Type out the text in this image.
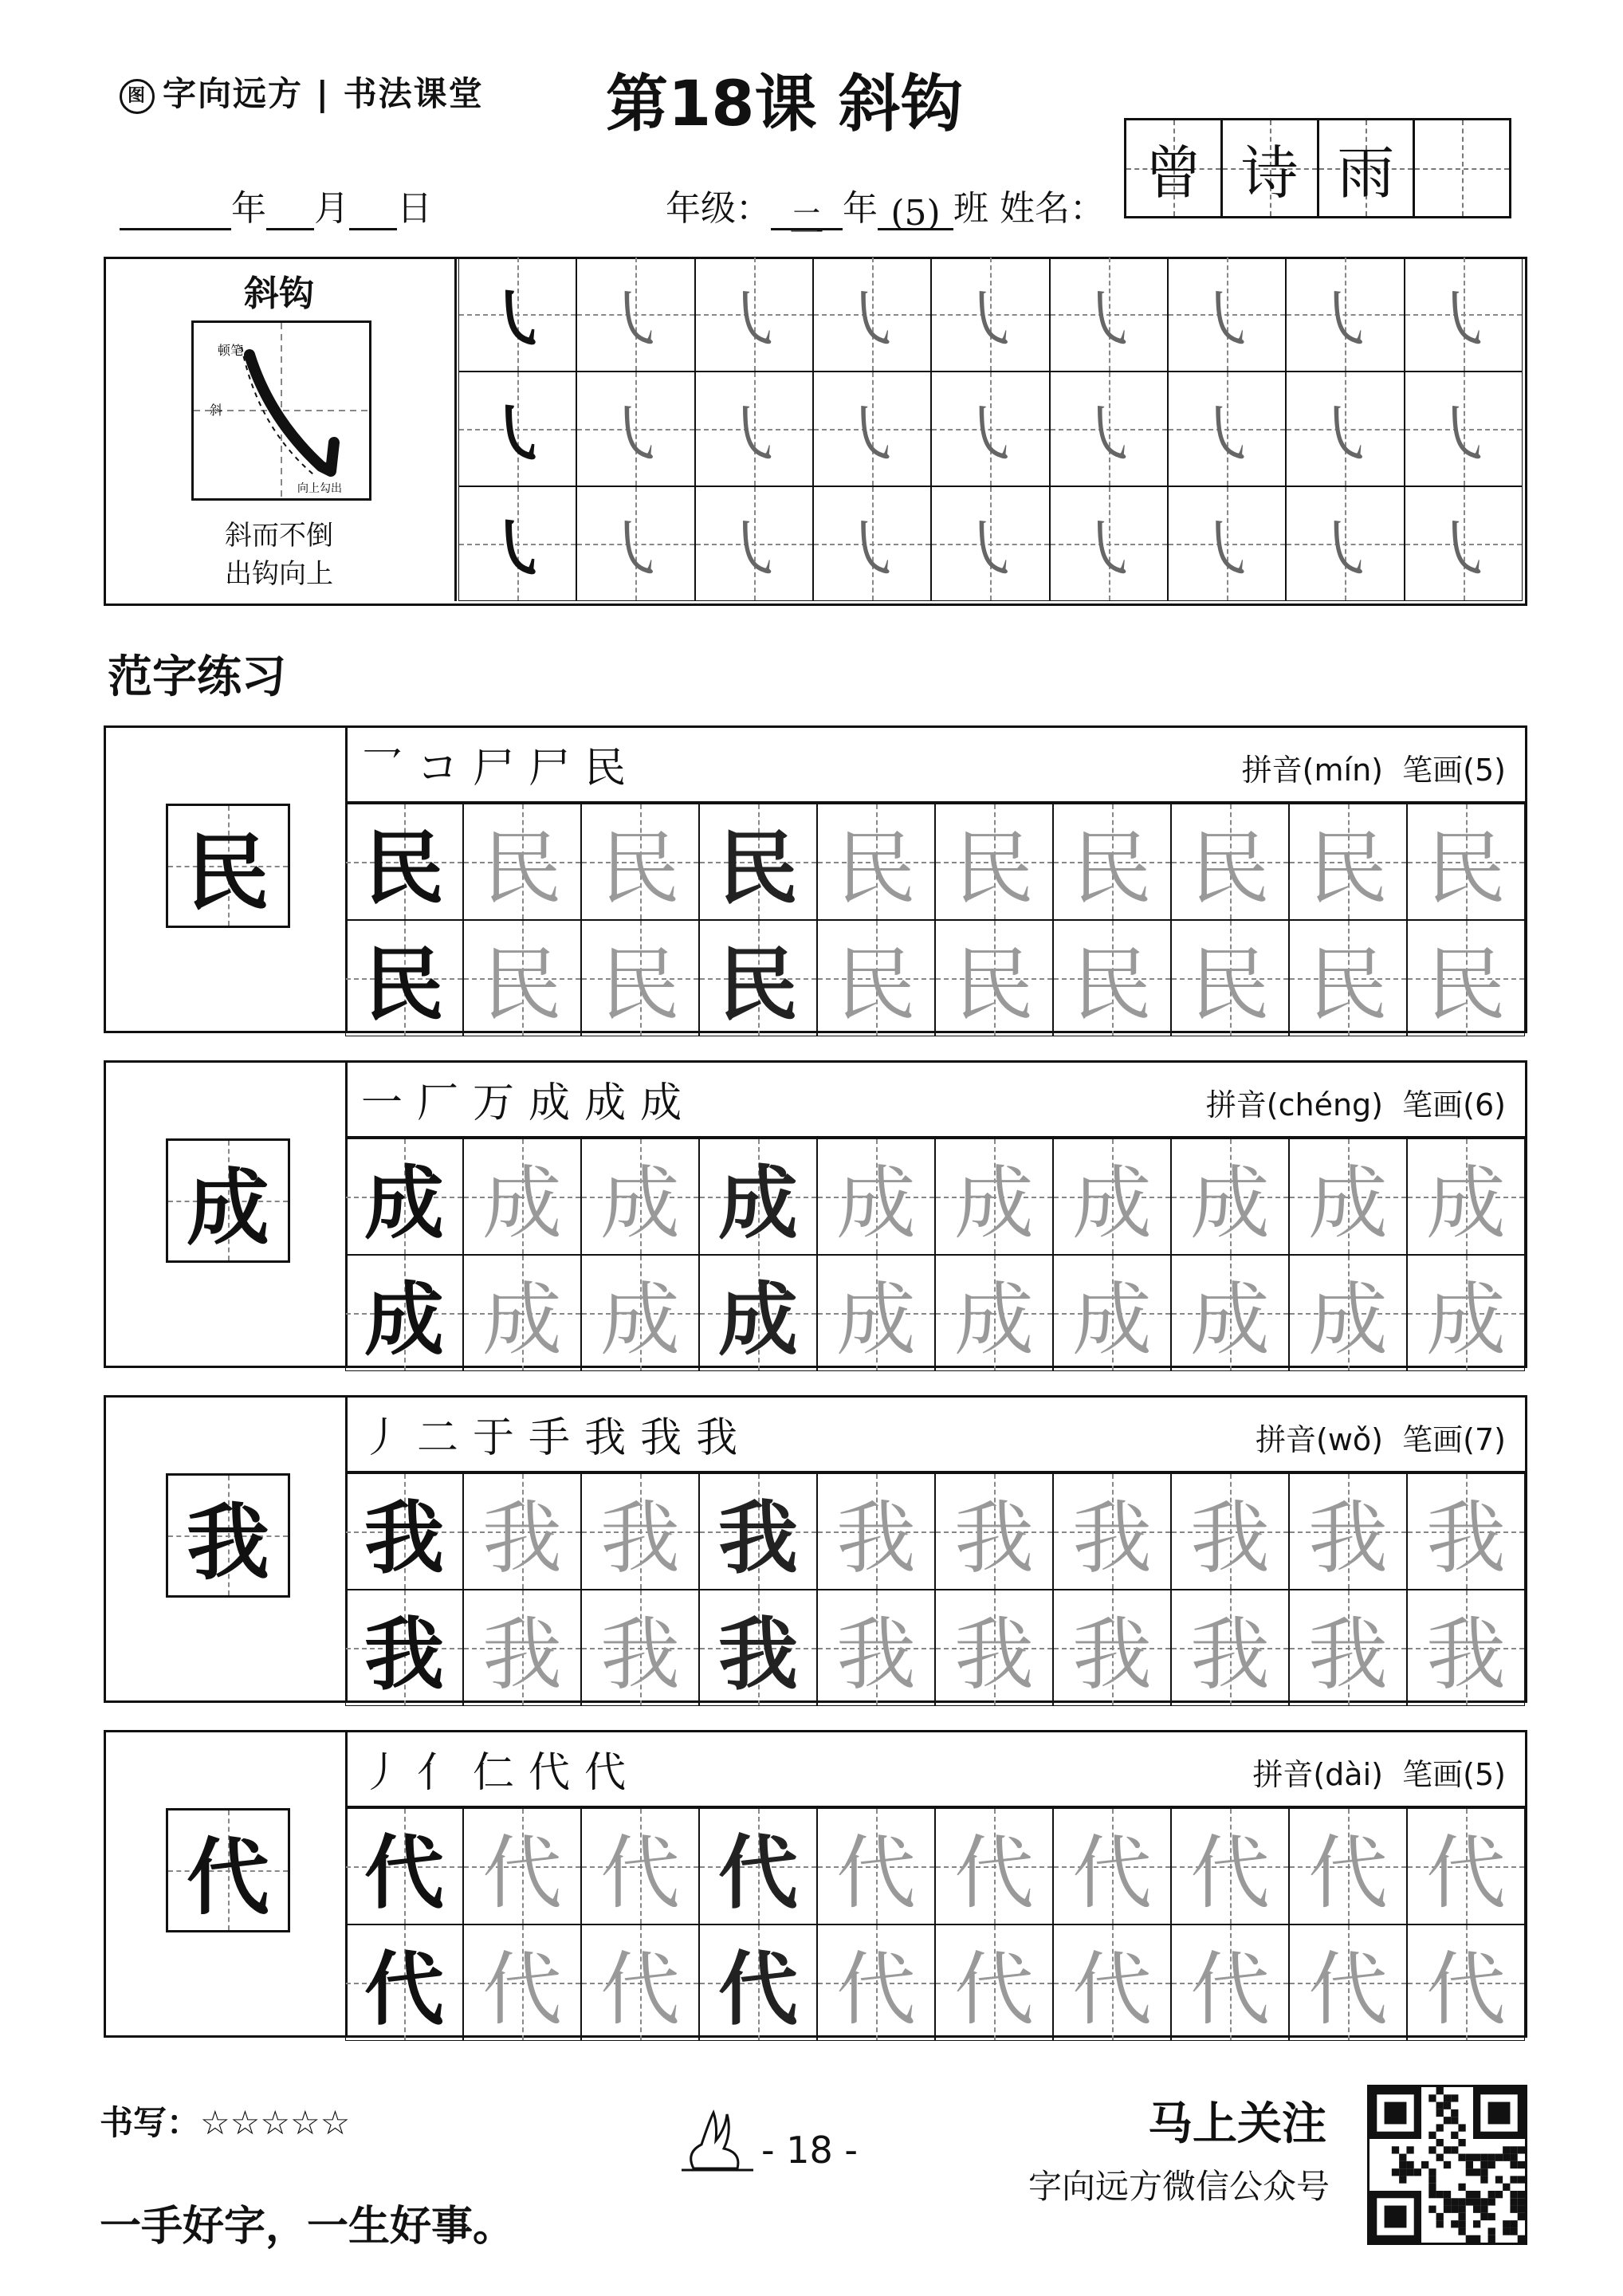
图 字向远方 | 书法课堂 第18课 斜钩
年 月 日	年级： 二 年 (5) 班 姓名：
曾 诗 雨
斜钩
顿笔
斜
向上勾出
斜而不倒
出钩向上
㇂ ㇂ ㇂ ㇂ ㇂ ㇂ ㇂ ㇂ ㇂
㇂ ㇂ ㇂ ㇂ ㇂ ㇂ ㇂ ㇂ ㇂
㇂ ㇂ ㇂ ㇂ ㇂ ㇂ ㇂ ㇂ ㇂
范字练习
民
乛コ尸尸民	拼音(mín) 笔画(5)
民 民 民 民 民 民 民 民 民 民
民 民 民 民 民 民 民 民 民 民
成
一厂万成成成	拼音(chéng) 笔画(6)
成 成 成 成 成 成 成 成 成 成
成 成 成 成 成 成 成 成 成 成
我
丿二于手我我我	拼音(wǒ) 笔画(7)
我 我 我 我 我 我 我 我 我 我
我 我 我 我 我 我 我 我 我 我
代
丿亻仁代代	拼音(dài) 笔画(5)
代 代 代 代 代 代 代 代 代 代
代 代 代 代 代 代 代 代 代 代
书写：☆☆☆☆☆
一手好字，一生好事。
- 18 -	马上关注
字向远方微信公众号
